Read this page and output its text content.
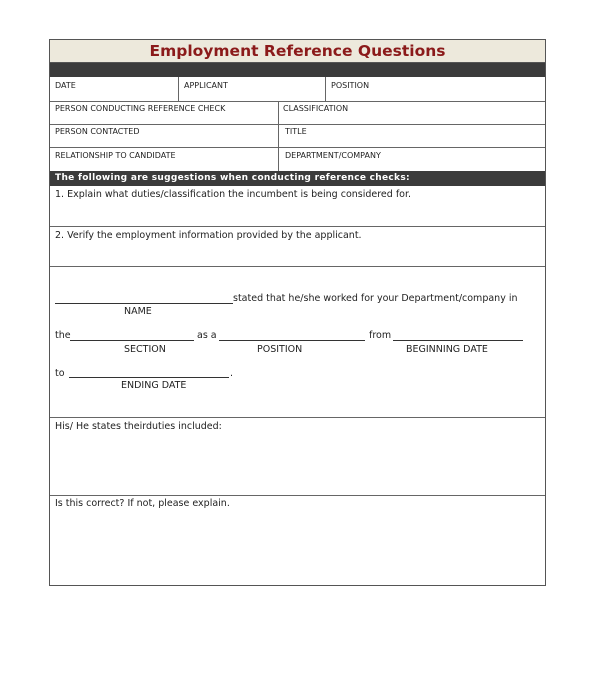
Employment Reference Questions
DATE	APPLICANT	POSITION
PERSON CONDUCTING REFERENCE CHECK	CLASSIFICATION
PERSON CONTACTED	TITLE
RELATIONSHIP TO CANDIDATE	DEPARTMENT/COMPANY
The following are suggestions when conducting reference checks:
1. Explain what duties/classification the incumbent is being considered for.
2. Verify the employment information provided by the applicant.
stated that he/she worked for your Department/company in
NAME
the	as a	from
SECTION	POSITION	BEGINNING DATE
to	.
ENDING DATE
His/ He states theirduties included:
Is this correct? If not, please explain.
